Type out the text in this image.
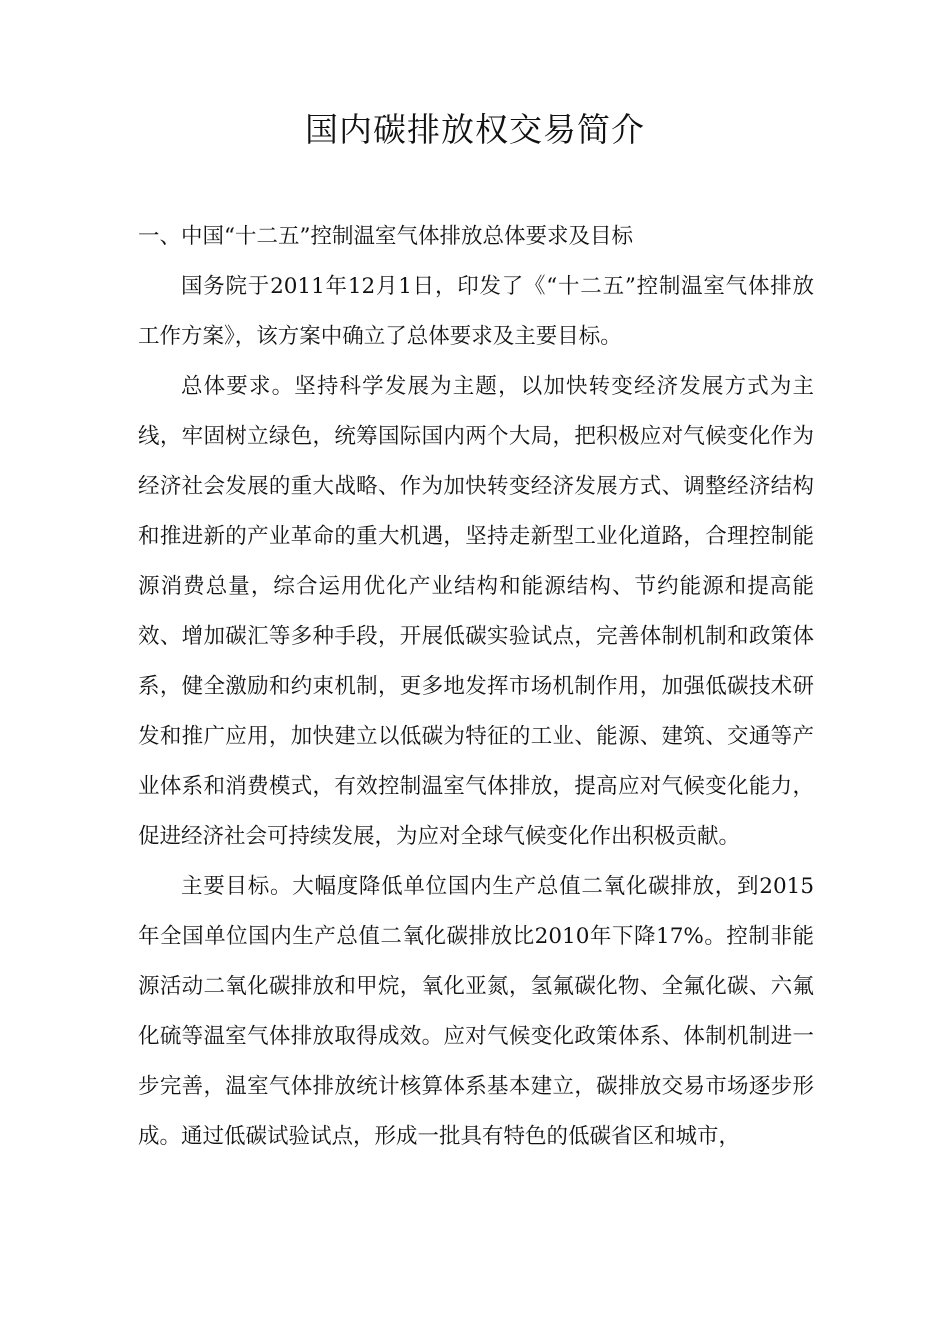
国内碳排放权交易简介

一、中国“十二五”控制温室气体排放总体要求及目标

国务院于2011年12月1日，印发了《“十二五”控制温室气体排放工作方案》，该方案中确立了总体要求及主要目标。

总体要求。坚持科学发展为主题，以加快转变经济发展方式为主线，牢固树立绿色，统筹国际国内两个大局，把积极应对气候变化作为经济社会发展的重大战略、作为加快转变经济发展方式、调整经济结构和推进新的产业革命的重大机遇，坚持走新型工业化道路，合理控制能源消费总量，综合运用优化产业结构和能源结构、节约能源和提高能效、增加碳汇等多种手段，开展低碳实验试点，完善体制机制和政策体系，健全激励和约束机制，更多地发挥市场机制作用，加强低碳技术研发和推广应用，加快建立以低碳为特征的工业、能源、建筑、交通等产业体系和消费模式，有效控制温室气体排放，提高应对气候变化能力，促进经济社会可持续发展，为应对全球气候变化作出积极贡献。

主要目标。大幅度降低单位国内生产总值二氧化碳排放，到2015年全国单位国内生产总值二氧化碳排放比2010年下降17%。控制非能源活动二氧化碳排放和甲烷，氧化亚氮，氢氟碳化物、全氟化碳、六氟化硫等温室气体排放取得成效。应对气候变化政策体系、体制机制进一步完善，温室气体排放统计核算体系基本建立，碳排放交易市场逐步形成。通过低碳试验试点，形成一批具有特色的低碳省区和城市，
